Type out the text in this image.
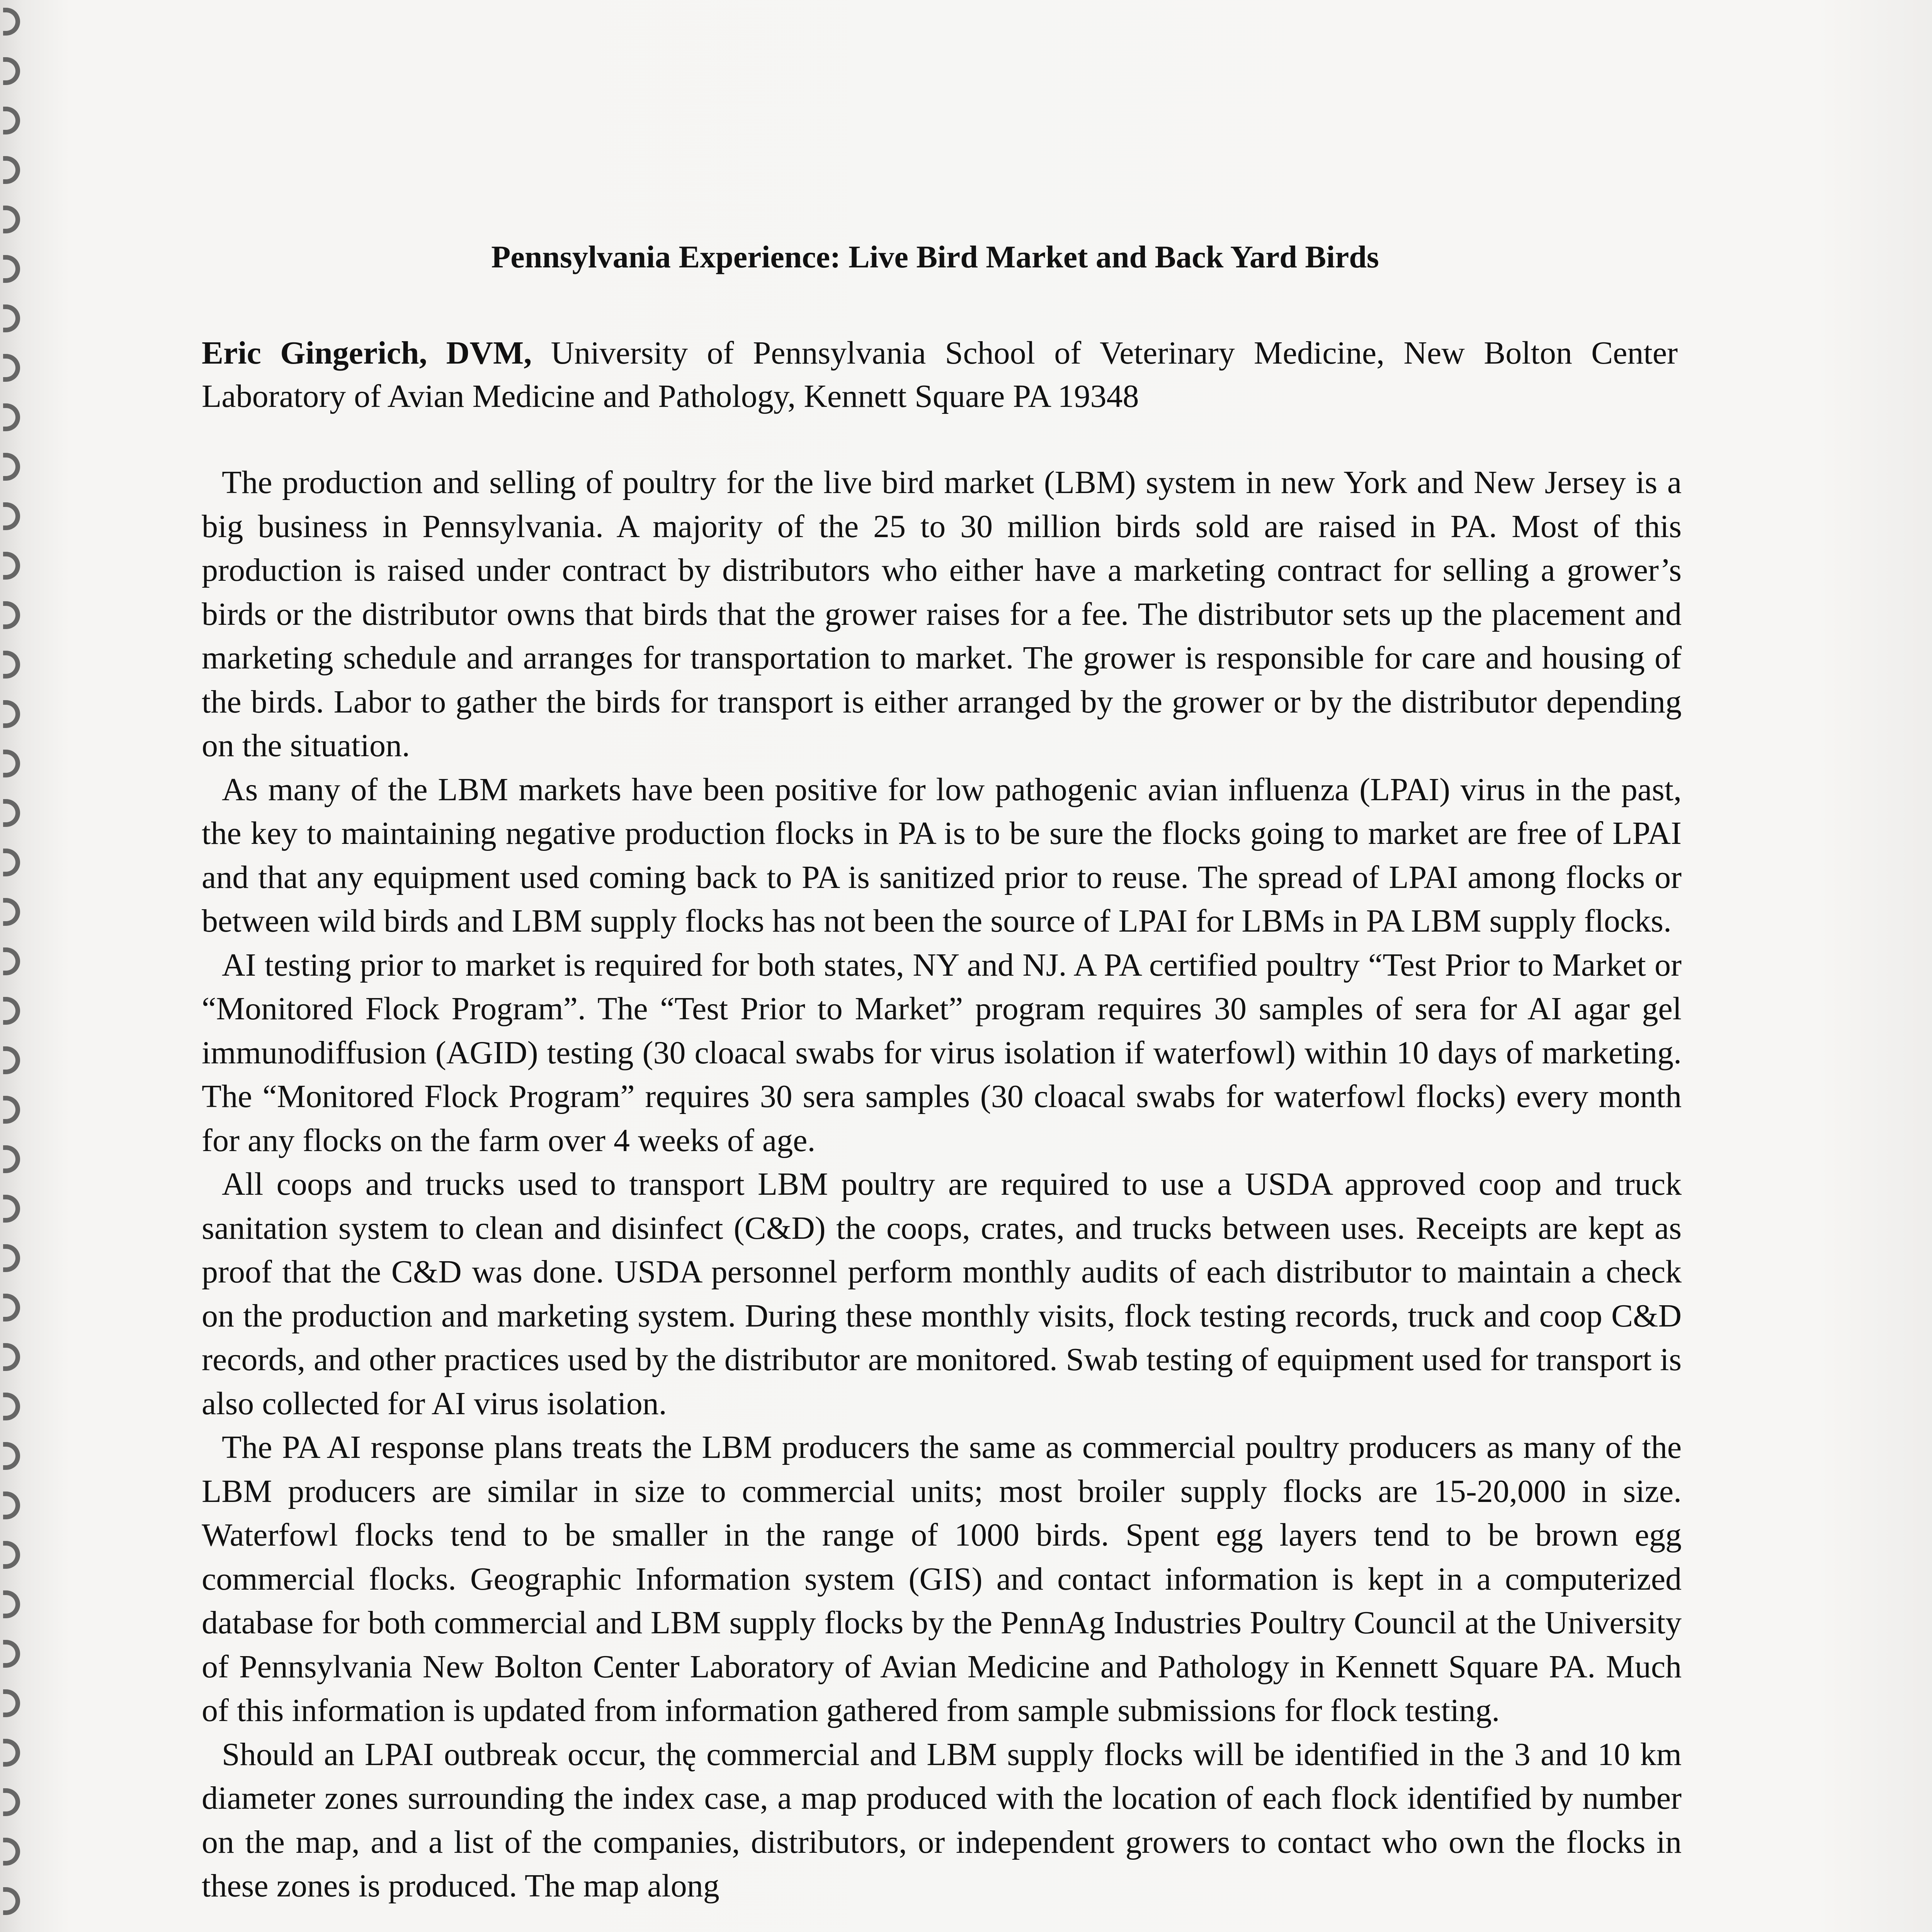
Pennsylvania Experience: Live Bird Market and Back Yard Birds
Eric Gingerich, DVM, University of Pennsylvania School of Veterinary Medicine, New Bolton Center Laboratory of Avian Medicine and Pathology, Kennett Square PA 19348

The production and selling of poultry for the live bird market (LBM) system in new York and New Jersey is a big business in Pennsylvania. A majority of the 25 to 30 million birds sold are raised in PA. Most of this production is raised under contract by distributors who either have a marketing contract for selling a grower’s birds or the distributor owns that birds that the grower raises for a fee. The distributor sets up the placement and marketing schedule and arranges for transportation to market. The grower is responsible for care and housing of the birds. Labor to gather the birds for transport is either arranged by the grower or by the distributor depending on the situation.

As many of the LBM markets have been positive for low pathogenic avian influenza (LPAI) virus in the past, the key to maintaining negative production flocks in PA is to be sure the flocks going to market are free of LPAI and that any equipment used coming back to PA is sanitized prior to reuse. The spread of LPAI among flocks or between wild birds and LBM supply flocks has not been the source of LPAI for LBMs in PA LBM supply flocks.

AI testing prior to market is required for both states, NY and NJ. A PA certified poultry “Test Prior to Market or “Monitored Flock Program”. The “Test Prior to Market” program requires 30 samples of sera for AI agar gel immunodiffusion (AGID) testing (30 cloacal swabs for virus isolation if waterfowl) within 10 days of marketing. The “Monitored Flock Program” requires 30 sera samples (30 cloacal swabs for waterfowl flocks) every month for any flocks on the farm over 4 weeks of age.

All coops and trucks used to transport LBM poultry are required to use a USDA approved coop and truck sanitation system to clean and disinfect (C&D) the coops, crates, and trucks between uses. Receipts are kept as proof that the C&D was done. USDA personnel perform monthly audits of each distributor to maintain a check on the production and marketing system. During these monthly visits, flock testing records, truck and coop C&D records, and other practices used by the distributor are monitored. Swab testing of equipment used for transport is also collected for AI virus isolation.

The PA AI response plans treats the LBM producers the same as commercial poultry producers as many of the LBM producers are similar in size to commercial units; most broiler supply flocks are 15-20,000 in size. Waterfowl flocks tend to be smaller in the range of 1000 birds. Spent egg layers tend to be brown egg commercial flocks. Geographic Information system (GIS) and contact information is kept in a computerized database for both commercial and LBM supply flocks by the PennAg Industries Poultry Council at the University of Pennsylvania New Bolton Center Laboratory of Avian Medicine and Pathology in Kennett Square PA. Much of this information is updated from information gathered from sample submissions for flock testing.

Should an LPAI outbreak occur, thę commercial and LBM supply flocks will be identified in the 3 and 10 km diameter zones surrounding the index case, a map produced with the location of each flock identified by number on the map, and a list of the companies, distributors, or independent growers to contact who own the flocks in these zones is produced. The map along
